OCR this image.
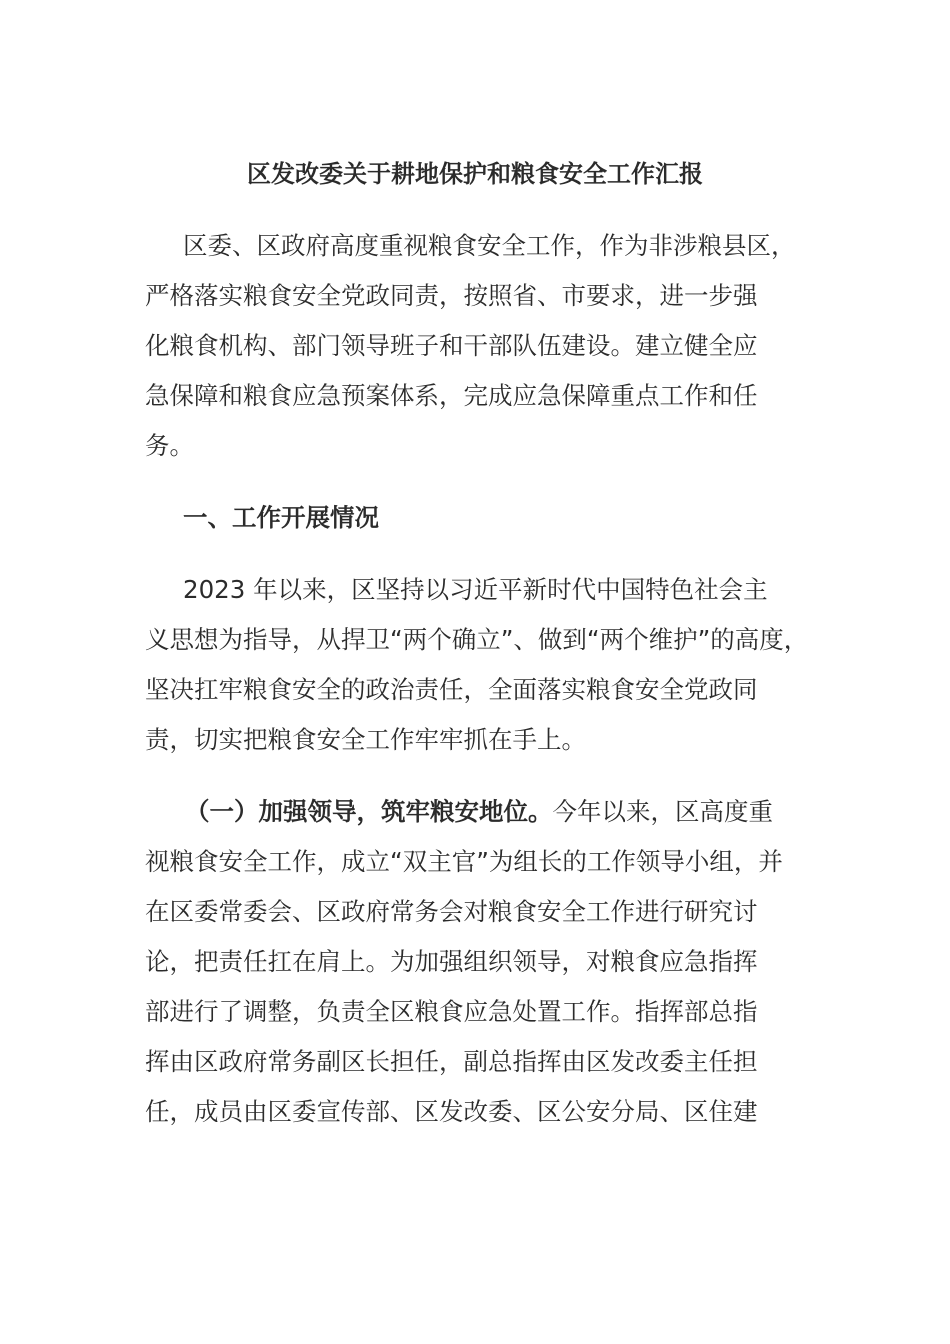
区发改委关于耕地保护和粮食安全工作汇报
区委、区政府高度重视粮食安全工作，作为非涉粮县区，
严格落实粮食安全党政同责，按照省、市要求，进一步强
化粮食机构、部门领导班子和干部队伍建设。建立健全应
急保障和粮食应急预案体系，完成应急保障重点工作和任
务。
一、工作开展情况
2023 年以来，区坚持以习近平新时代中国特色社会主
义思想为指导，从捍卫“两个确立”、做到“两个维护”的高度，
坚决扛牢粮食安全的政治责任，全面落实粮食安全党政同
责，切实把粮食安全工作牢牢抓在手上。
（一）加强领导，筑牢粮安地位。今年以来，区高度重
视粮食安全工作，成立“双主官”为组长的工作领导小组，并
在区委常委会、区政府常务会对粮食安全工作进行研究讨
论，把责任扛在肩上。为加强组织领导，对粮食应急指挥
部进行了调整，负责全区粮食应急处置工作。指挥部总指
挥由区政府常务副区长担任，副总指挥由区发改委主任担
任，成员由区委宣传部、区发改委、区公安分局、区住建
